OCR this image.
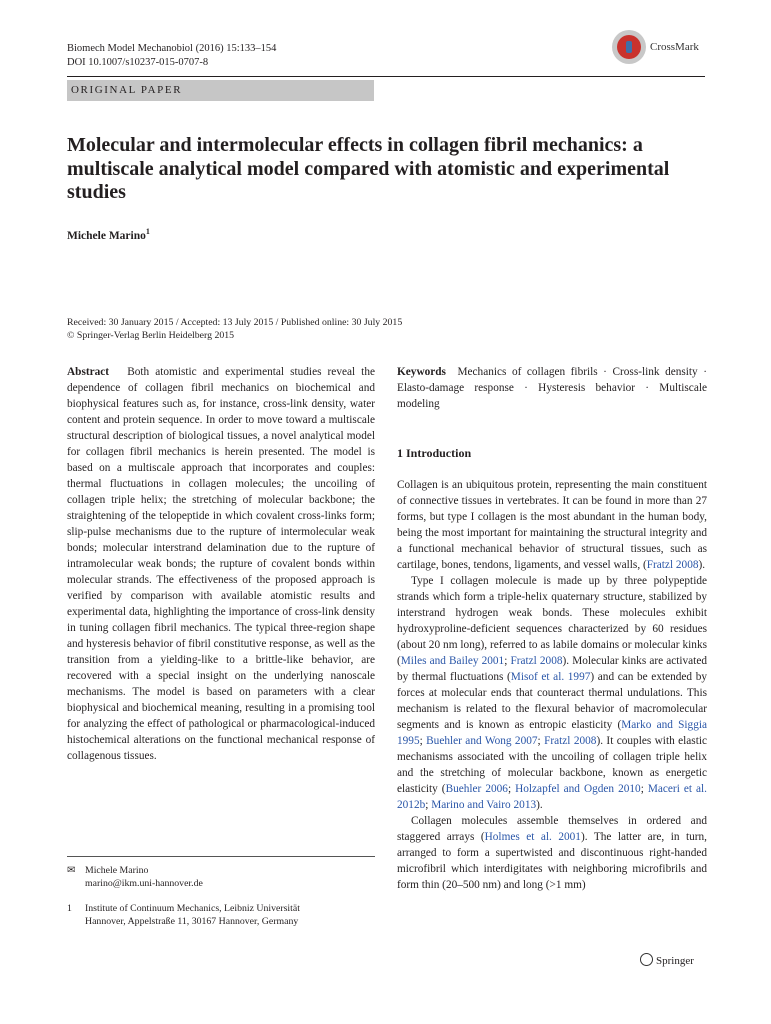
Biomech Model Mechanobiol (2016) 15:133–154
DOI 10.1007/s10237-015-0707-8
CrossMark
ORIGINAL PAPER
Molecular and intermolecular effects in collagen fibril mechanics: a multiscale analytical model compared with atomistic and experimental studies
Michele Marino$^1$
Received: 30 January 2015 / Accepted: 13 July 2015 / Published online: 30 July 2015
© Springer-Verlag Berlin Heidelberg 2015
Abstract Both atomistic and experimental studies reveal the dependence of collagen fibril mechanics on biochemical and biophysical features such as, for instance, cross-link density, water content and protein sequence. In order to move toward a multiscale structural description of biological tissues, a novel analytical model for collagen fibril mechanics is herein presented. The model is based on a multiscale approach that incorporates and couples: thermal fluctuations in collagen molecules; the uncoiling of collagen triple helix; the stretching of molecular backbone; the straightening of the telopeptide in which covalent cross-links form; slip-pulse mechanisms due to the rupture of intermolecular weak bonds; molecular interstrand delamination due to the rupture of intramolecular weak bonds; the rupture of covalent bonds within molecular strands. The effectiveness of the proposed approach is verified by comparison with available atomistic results and experimental data, highlighting the importance of cross-link density in tuning collagen fibril mechanics. The typical three-region shape and hysteresis behavior of fibril constitutive response, as well as the transition from a yielding-like to a brittle-like behavior, are recovered with a special insight on the underlying nanoscale mechanisms. The model is based on parameters with a clear biophysical and biochemical meaning, resulting in a promising tool for analyzing the effect of pathological or pharmacological-induced histochemical alterations on the functional mechanical response of collagenous tissues.
Keywords Mechanics of collagen fibrils · Cross-link density · Elasto-damage response · Hysteresis behavior · Multiscale modeling
1 Introduction

Collagen is an ubiquitous protein, representing the main constituent of connective tissues in vertebrates. It can be found in more than 27 forms, but type I collagen is the most abundant in the human body, being the most important for maintaining the structural integrity and a functional mechanical behavior of structural tissues, such as cartilage, bones, tendons, ligaments, and vessel walls, (Fratzl 2008).

Type I collagen molecule is made up by three polypeptide strands which form a triple-helix quaternary structure, stabilized by interstrand hydrogen weak bonds. These molecules exhibit hydroxyproline-deficient sequences characterized by 60 residues (about 20 nm long), referred to as labile domains or molecular kinks (Miles and Bailey 2001; Fratzl 2008). Molecular kinks are activated by thermal fluctuations (Misof et al. 1997) and can be extended by forces at molecular ends that counteract thermal undulations. This mechanism is related to the flexural behavior of macromolecular segments and is known as entropic elasticity (Marko and Siggia 1995; Buehler and Wong 2007; Fratzl 2008). It couples with elastic mechanisms associated with the uncoiling of collagen triple helix and the stretching of molecular backbone, known as energetic elasticity (Buehler 2006; Holzapfel and Ogden 2010; Maceri et al. 2012b; Marino and Vairo 2013).

Collagen molecules assemble themselves in ordered and staggered arrays (Holmes et al. 2001). The latter are, in turn, arranged to form a supertwisted and discontinuous right-handed microfibril which interdigitates with neighboring microfibrils and form thin (20–500 nm) and long (>1 mm)

✉ Michele Marino
marino@ikm.uni-hannover.de
1 Institute of Continuum Mechanics, Leibniz Universität
Hannover, Appelstraße 11, 30167 Hannover, Germany
Springer
